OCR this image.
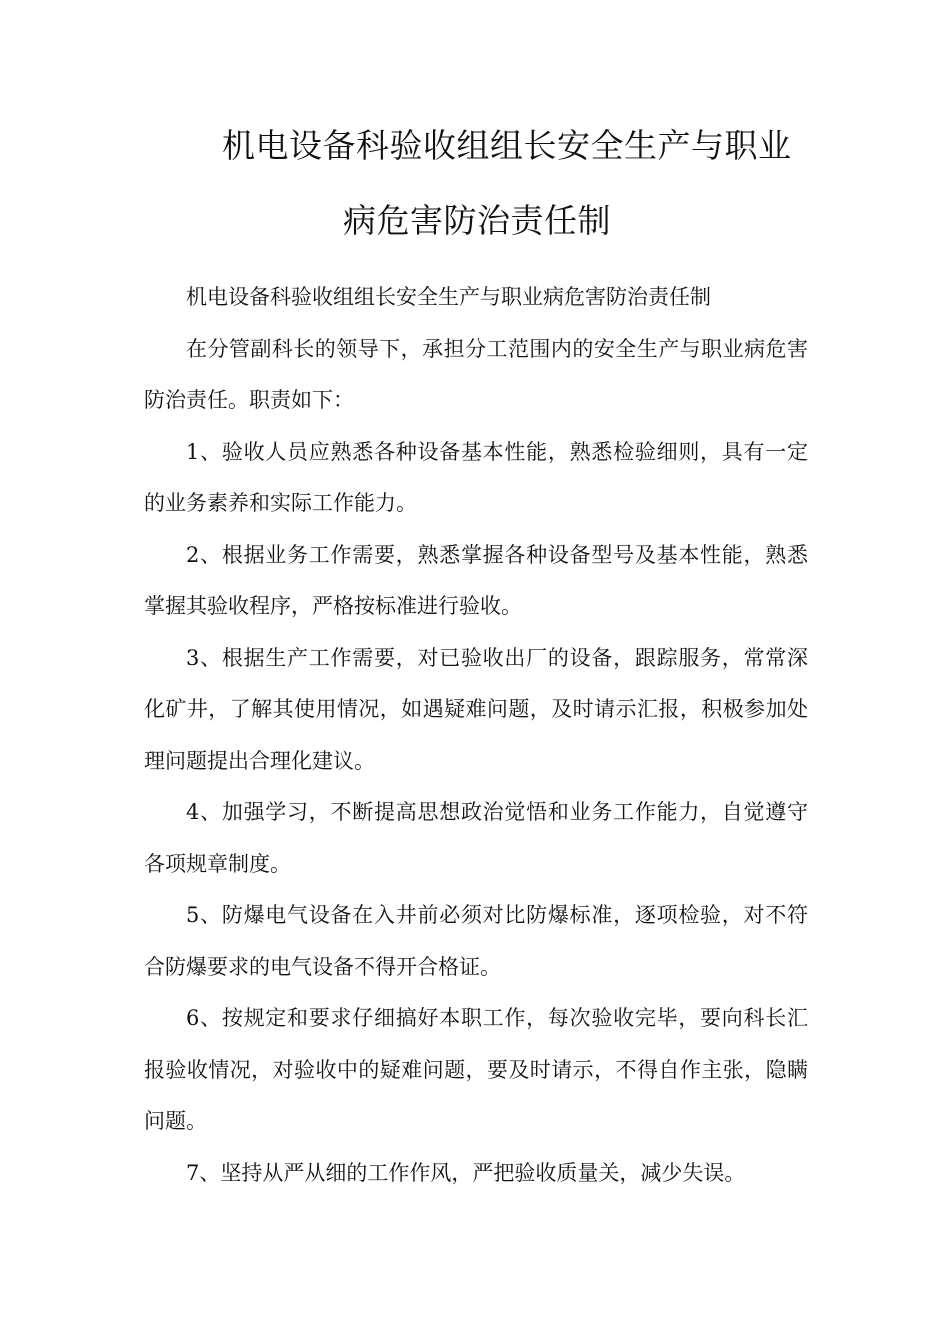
机电设备科验收组组长安全生产与职业
病危害防治责任制

机电设备科验收组组长安全生产与职业病危害防治责任制

在分管副科长的领导下，承担分工范围内的安全生产与职业病危害防治责任。职责如下：

1、验收人员应熟悉各种设备基本性能，熟悉检验细则，具有一定的业务素养和实际工作能力。

2、根据业务工作需要，熟悉掌握各种设备型号及基本性能，熟悉掌握其验收程序，严格按标准进行验收。

3、根据生产工作需要，对已验收出厂的设备，跟踪服务，常常深化矿井，了解其使用情况，如遇疑难问题，及时请示汇报，积极参加处理问题提出合理化建议。

4、加强学习，不断提高思想政治觉悟和业务工作能力，自觉遵守各项规章制度。

5、防爆电气设备在入井前必须对比防爆标准，逐项检验，对不符合防爆要求的电气设备不得开合格证。

6、按规定和要求仔细搞好本职工作，每次验收完毕，要向科长汇报验收情况，对验收中的疑难问题，要及时请示，不得自作主张，隐瞒问题。

7、坚持从严从细的工作作风，严把验收质量关，减少失误。
